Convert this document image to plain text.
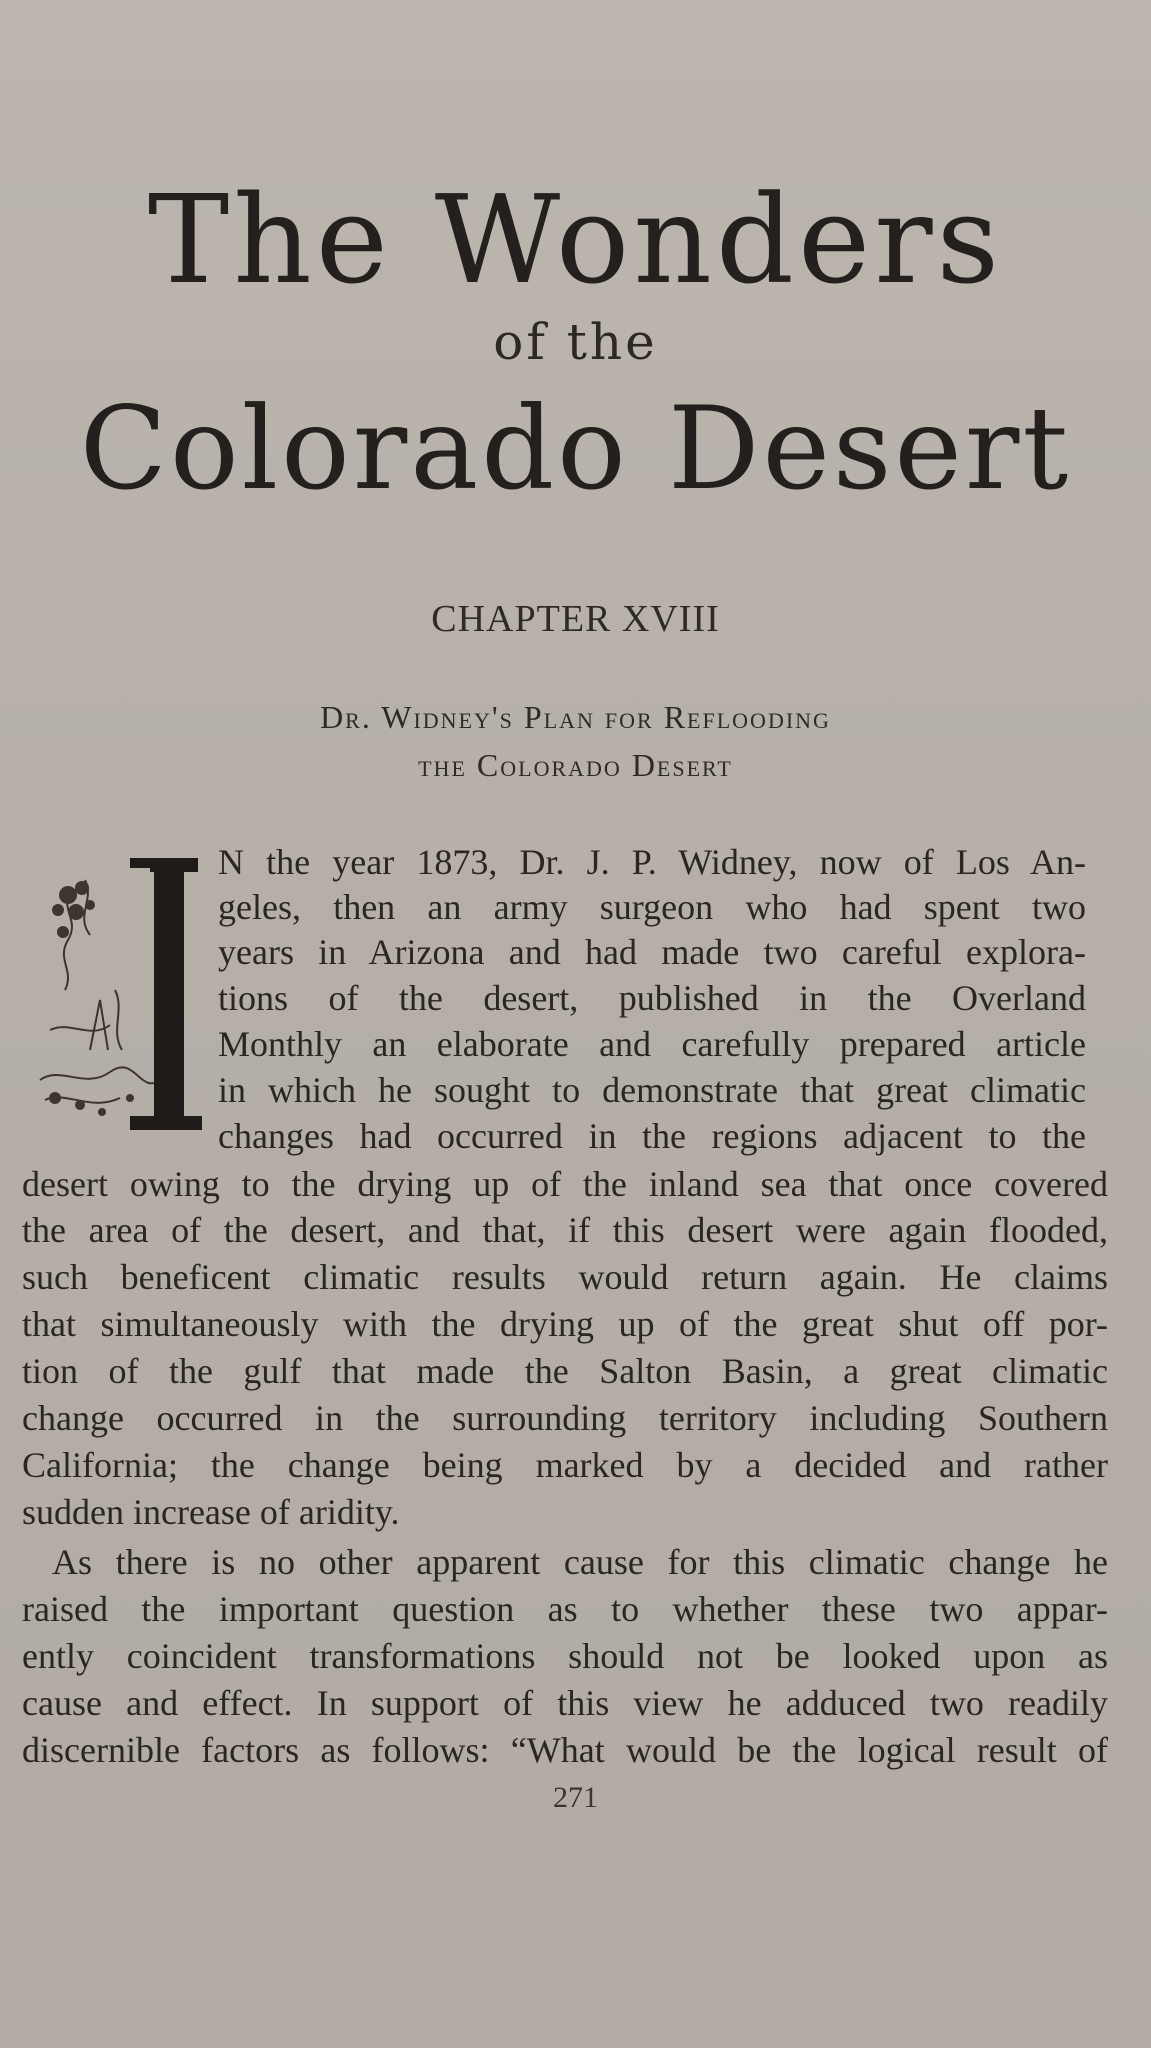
The Wonders
of the
Colorado Desert
CHAPTER XVIII
Dr. Widney's Plan for Reflooding
the Colorado Desert
N the year 1873, Dr. J. P. Widney, now of Los An-
geles, then an army surgeon who had spent two
years in Arizona and had made two careful explora-
tions of the desert, published in the Overland
Monthly an elaborate and carefully prepared article
in which he sought to demonstrate that great climatic
changes had occurred in the regions adjacent to the
desert owing to the drying up of the inland sea that once covered
the area of the desert, and that, if this desert were again flooded,
such beneficent climatic results would return again. He claims
that simultaneously with the drying up of the great shut off por-
tion of the gulf that made the Salton Basin, a great climatic
change occurred in the surrounding territory including Southern
California; the change being marked by a decided and rather
sudden increase of aridity.
As there is no other apparent cause for this climatic change he
raised the important question as to whether these two appar-
ently coincident transformations should not be looked upon as
cause and effect. In support of this view he adduced two readily
discernible factors as follows: “What would be the logical result of
271
